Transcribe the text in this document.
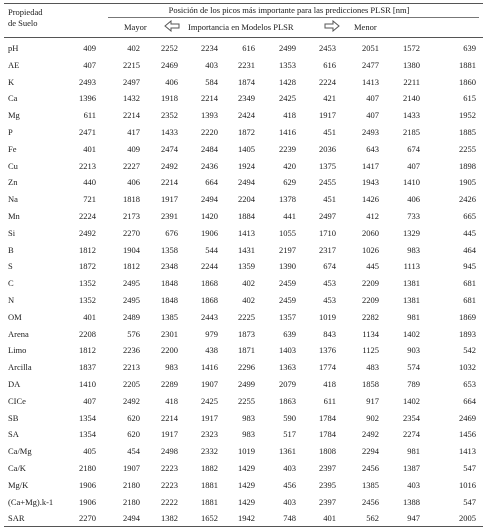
Propiedad
de Suelo
Posición de los picos más importante para las predicciones PLSR [nm]
Mayor	Importancia en Modelos PLSR	Menor
pH	409	402	2252	2234	616	2499	2453	2051	1572	639
AE	407	2215	2469	403	2231	1353	616	2477	1380	1881
K	2493	2497	406	584	1874	1428	2224	1413	2211	1860
Ca	1396	1432	1918	2214	2349	2425	421	407	2140	615
Mg	611	2214	2352	1393	2424	418	1917	407	1433	1952
P	2471	417	1433	2220	1872	1416	451	2493	2185	1885
Fe	401	409	2474	2484	1405	2239	2036	643	674	2255
Cu	2213	2227	2492	2436	1924	420	1375	1417	407	1898
Zn	440	406	2214	664	2494	629	2455	1943	1410	1905
Na	721	1818	1917	2494	2204	1378	451	1426	406	2426
Mn	2224	2173	2391	1420	1884	441	2497	412	733	665
Si	2492	2270	676	1906	1413	1055	1710	2060	1329	445
B	1812	1904	1358	544	1431	2197	2317	1026	983	464
S	1872	1812	2348	2244	1359	1390	674	445	1113	945
C	1352	2495	1848	1868	402	2459	453	2209	1381	681
N	1352	2495	1848	1868	402	2459	453	2209	1381	681
OM	401	2489	1385	2443	2225	1357	1019	2282	981	1869
Arena	2208	576	2301	979	1873	639	843	1134	1402	1893
Limo	1812	2236	2200	438	1871	1403	1376	1125	903	542
Arcilla	1837	2213	983	1416	2296	1363	1774	483	574	1032
DA	1410	2205	2289	1907	2499	2079	418	1858	789	653
CICe	407	2492	418	2425	2255	1863	611	917	1402	664
SB	1354	620	2214	1917	983	590	1784	902	2354	2469
SA	1354	620	1917	2323	983	517	1784	2492	2274	1456
Ca/Mg	405	454	2498	2332	1019	1361	1808	2294	981	1413
Ca/K	2180	1907	2223	1882	1429	403	2397	2456	1387	547
Mg/K	1906	2180	2223	1881	1429	456	2395	1385	403	1016
(Ca+Mg).k-1	1906	2180	2222	1881	1429	403	2397	2456	1388	547
SAR	2270	2494	1382	1652	1942	748	401	562	947	2005
